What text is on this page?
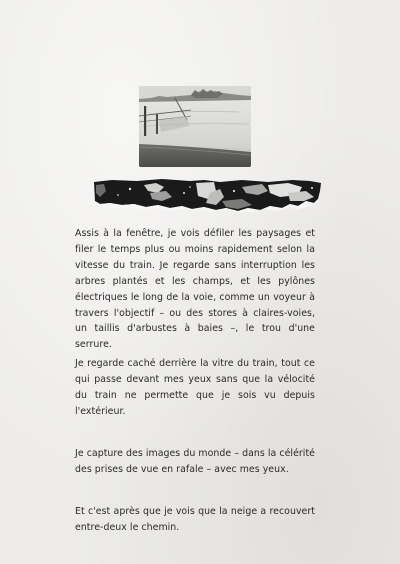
Assis à la fenêtre, je vois défiler les paysages et filer le temps plus ou moins rapidement selon la vitesse du train. Je regarde sans interruption les arbres plantés et les champs, et les pylônes électriques le long de la voie, comme un voyeur à travers l'objectif – ou des stores à claires-voies, un taillis d'arbustes à baies –, le trou d'une serrure.

Je regarde caché derrière la vitre du train, tout ce qui passe devant mes yeux sans que la vélocité du train ne permette que je sois vu depuis l'extérieur.

Je capture des images du monde – dans la célérité des prises de vue en rafale – avec mes yeux.

Et c'est après que je vois que la neige a recouvert entre-deux le chemin.
